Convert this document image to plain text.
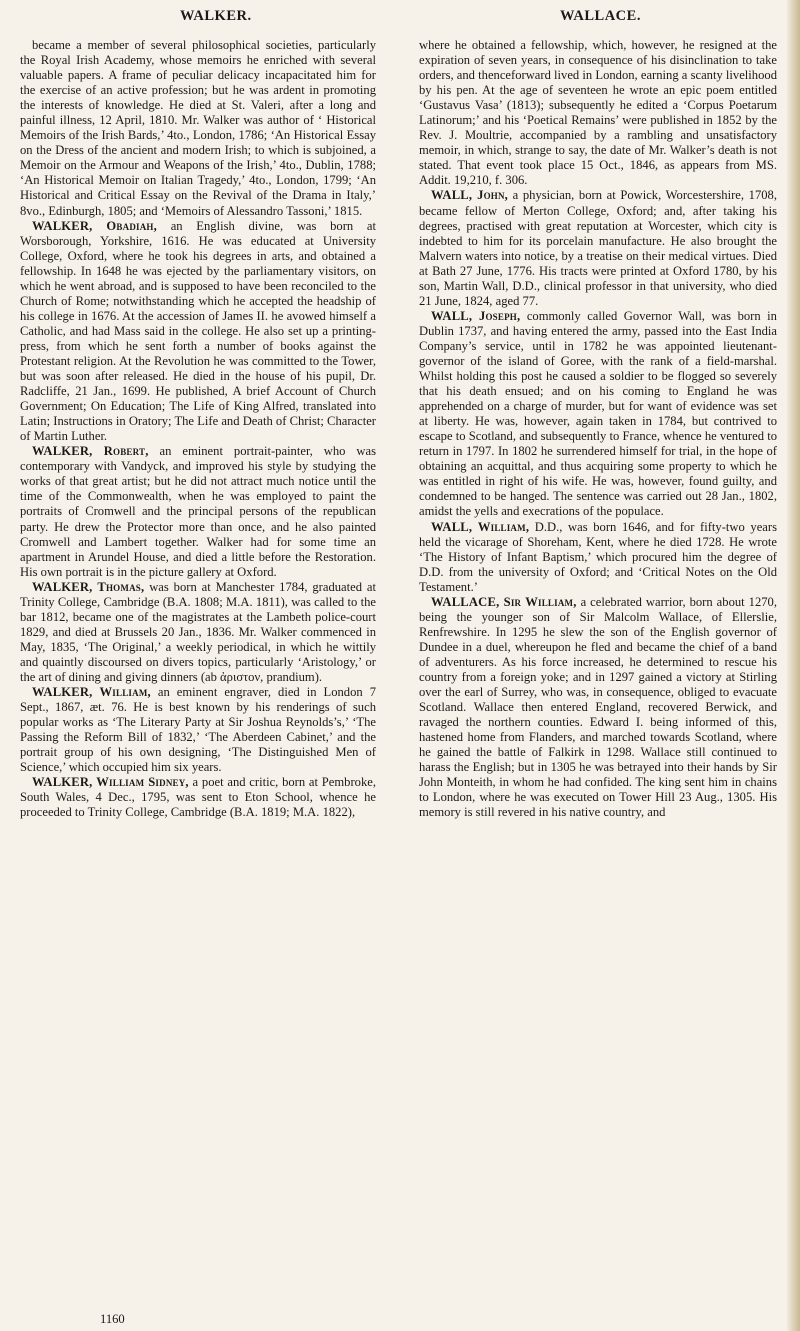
WALKER.	WALLACE.

became a member of several philosophical societies, particularly the Royal Irish Academy, whose memoirs he enriched with several valuable papers. A frame of peculiar delicacy incapacitated him for the exercise of an active profession; but he was ardent in promoting the interests of knowledge. He died at St. Valeri, after a long and painful illness, 12 April, 1810. Mr. Walker was author of ‘ Historical Memoirs of the Irish Bards,’ 4to., London, 1786; ‘An Historical Essay on the Dress of the ancient and modern Irish; to which is subjoined, a Memoir on the Armour and Weapons of the Irish,’ 4to., Dublin, 1788; ‘An Historical Memoir on Italian Tragedy,’ 4to., London, 1799; ‘An Historical and Critical Essay on the Revival of the Drama in Italy,’ 8vo., Edinburgh, 1805; and ‘Memoirs of Alessandro Tassoni,’ 1815.

WALKER, Obadiah, an English divine, was born at Worsborough, Yorkshire, 1616. He was educated at University College, Oxford, where he took his degrees in arts, and obtained a fellowship. In 1648 he was ejected by the parliamentary visitors, on which he went abroad, and is supposed to have been reconciled to the Church of Rome; notwithstanding which he accepted the headship of his college in 1676. At the accession of James II. he avowed himself a Catholic, and had Mass said in the college. He also set up a printing-press, from which he sent forth a number of books against the Protestant religion. At the Revolution he was committed to the Tower, but was soon after released. He died in the house of his pupil, Dr. Radcliffe, 21 Jan., 1699. He published, A brief Account of Church Government; On Education; The Life of King Alfred, translated into Latin; Instructions in Oratory; The Life and Death of Christ; Character of Martin Luther.

WALKER, Robert, an eminent portrait-painter, who was contemporary with Vandyck, and improved his style by studying the works of that great artist; but he did not attract much notice until the time of the Commonwealth, when he was employed to paint the portraits of Cromwell and the principal persons of the republican party. He drew the Protector more than once, and he also painted Cromwell and Lambert together. Walker had for some time an apartment in Arundel House, and died a little before the Restoration. His own portrait is in the picture gallery at Oxford.

WALKER, Thomas, was born at Manchester 1784, graduated at Trinity College, Cambridge (B.A. 1808; M.A. 1811), was called to the bar 1812, became one of the magistrates at the Lambeth police-court 1829, and died at Brussels 20 Jan., 1836. Mr. Walker commenced in May, 1835, ‘The Original,’ a weekly periodical, in which he wittily and quaintly discoursed on divers topics, particularly ‘Aristology,’ or the art of dining and giving dinners (ab ἀριστον, prandium).

WALKER, William, an eminent engraver, died in London 7 Sept., 1867, æt. 76. He is best known by his renderings of such popular works as ‘The Literary Party at Sir Joshua Reynolds’s,’ ‘The Passing the Reform Bill of 1832,’ ‘The Aberdeen Cabinet,’ and the portrait group of his own designing, ‘The Distinguished Men of Science,’ which occupied him six years.

WALKER, William Sidney, a poet and critic, born at Pembroke, South Wales, 4 Dec., 1795, was sent to Eton School, whence he proceeded to Trinity College, Cambridge (B.A. 1819; M.A. 1822),

where he obtained a fellowship, which, however, he resigned at the expiration of seven years, in consequence of his disinclination to take orders, and thenceforward lived in London, earning a scanty livelihood by his pen. At the age of seventeen he wrote an epic poem entitled ‘Gustavus Vasa’ (1813); subsequently he edited a ‘Corpus Poetarum Latinorum;’ and his ‘Poetical Remains’ were published in 1852 by the Rev. J. Moultrie, accompanied by a rambling and unsatisfactory memoir, in which, strange to say, the date of Mr. Walker’s death is not stated. That event took place 15 Oct., 1846, as appears from MS. Addit. 19,210, f. 306.

WALL, John, a physician, born at Powick, Worcestershire, 1708, became fellow of Merton College, Oxford; and, after taking his degrees, practised with great reputation at Worcester, which city is indebted to him for its porcelain manufacture. He also brought the Malvern waters into notice, by a treatise on their medical virtues. Died at Bath 27 June, 1776. His tracts were printed at Oxford 1780, by his son, Martin Wall, D.D., clinical professor in that university, who died 21 June, 1824, aged 77.

WALL, Joseph, commonly called Governor Wall, was born in Dublin 1737, and having entered the army, passed into the East India Company’s service, until in 1782 he was appointed lieutenant-governor of the island of Goree, with the rank of a field-marshal. Whilst holding this post he caused a soldier to be flogged so severely that his death ensued; and on his coming to England he was apprehended on a charge of murder, but for want of evidence was set at liberty. He was, however, again taken in 1784, but contrived to escape to Scotland, and subsequently to France, whence he ventured to return in 1797. In 1802 he surrendered himself for trial, in the hope of obtaining an acquittal, and thus acquiring some property to which he was entitled in right of his wife. He was, however, found guilty, and condemned to be hanged. The sentence was carried out 28 Jan., 1802, amidst the yells and execrations of the populace.

WALL, William, D.D., was born 1646, and for fifty-two years held the vicarage of Shoreham, Kent, where he died 1728. He wrote ‘The History of Infant Baptism,’ which procured him the degree of D.D. from the university of Oxford; and ‘Critical Notes on the Old Testament.’

WALLACE, Sir William, a celebrated warrior, born about 1270, being the younger son of Sir Malcolm Wallace, of Ellerslie, Renfrewshire. In 1295 he slew the son of the English governor of Dundee in a duel, whereupon he fled and became the chief of a band of adventurers. As his force increased, he determined to rescue his country from a foreign yoke; and in 1297 gained a victory at Stirling over the earl of Surrey, who was, in consequence, obliged to evacuate Scotland. Wallace then entered England, recovered Berwick, and ravaged the northern counties. Edward I. being informed of this, hastened home from Flanders, and marched towards Scotland, where he gained the battle of Falkirk in 1298. Wallace still continued to harass the English; but in 1305 he was betrayed into their hands by Sir John Monteith, in whom he had confided. The king sent him in chains to London, where he was executed on Tower Hill 23 Aug., 1305. His memory is still revered in his native country, and

1160
